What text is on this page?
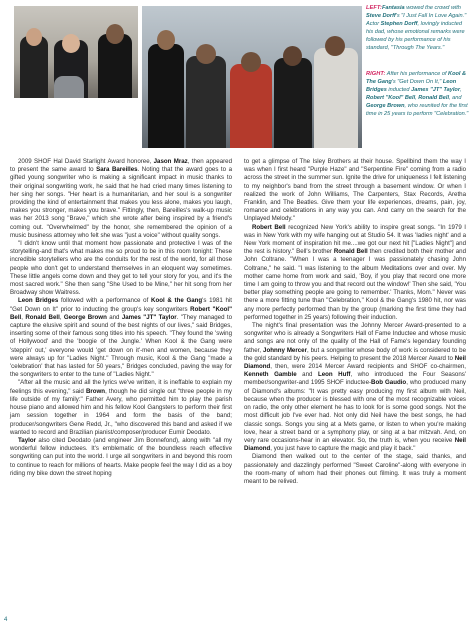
LEFT:Fantasia wowed the crowd with Steve Dorff's "I Just Fall In Love Again." Actor Stephen Dorff, lovingly inducted his dad, whose emotional remarks were followed by his performance of his standard, "Through The Years."
RIGHT: After his performance of Kool & The Gang's "Get Down On It," Leon Bridges inducted James "JT" Taylor, Robert "Kool" Bell, Ronald Bell, and George Brown, who reunited for the first time in 25 years to perform "Celebration."

2009 SHOF Hal David Starlight Award honoree, Jason Mraz, then appeared to present the same award to Sara Bareilles. Noting that the award goes to a gifted young songwriter who is making a significant impact in music thanks to their original songwriting work, he said that he had cried many times listening to her sing her songs. "Her heart is a humanitarian, and her soul is a songwriter providing the kind of entertainment that makes you less alone, makes you laugh, makes you stronger, makes you brave." Fittingly, then, Bareilles's walk-up music was her 2013 song "Brave," which she wrote after being inspired by a friend's coming out. "Overwhelmed" by the honor, she remembered the opinion of a music business attorney who felt she was "just a voice" without quality songs.

"I didn't know until that moment how passionate and protective I was of the storytelling-and that's what makes me so proud to be in this room tonight: These incredible storytellers who are the conduits for the rest of the world, for all those people who don't get to understand themselves in an eloquent way sometimes. These little angels come down and they get to tell your story for you, and it's the most sacred work." She then sang "She Used to be Mine," her hit song from her Broadway show Waitress.

Leon Bridges followed with a performance of Kool & the Gang's 1981 hit "Get Down on It" prior to inducting the group's key songwriters Robert "Kool" Bell, Ronald Bell, George Brown and James "JT" Taylor. "They managed to capture the elusive spirit and sound of the best nights of our lives," said Bridges, inserting some of their famous song titles into his speech. "They found the 'swing of Hollywood' and the 'boogie of the Jungle.' When Kool & the Gang were 'steppin' out,' everyone would 'get down on it'-men and women, because they were always up for "Ladies Night." Through music, Kool & the Gang "made a 'celebration' that has lasted for 50 years," Bridges concluded, paving the way for the songwriters to enter to the tune of "Ladies Night."

"After all the music and all the lyrics we've written, it is ineffable to explain my feelings this evening," said Brown, though he did single out "three people in my life outside of my family:" Father Avery, who permitted him to play the parish house piano and allowed him and his fellow Kool Gangsters to perform their first jam session together in 1964 and form the basis of the band; producer/songwriters Gene Redd, Jr., "who discovered this band and asked if we wanted to record and Brazilian pianist/composer/producer Eumir Deodato.

Taylor also cited Deodato (and engineer Jim Bonnefond), along with "all my wonderful fellow inductees. It's emblematic of the boundless reach effective songwriting can put into the world. I urge all songwriters in and beyond this room to continue to reach for millions of hearts. Make people feel the way I did as a boy riding my bike down the street hoping

to get a glimpse of The Isley Brothers at their house. Spellbind them the way I was when I first heard "Purple Haze" and "Serpentine Fire" coming from a radio across the street in the summer sun. Ignite the drive for uniqueness I felt listening to my neighbor's band from the street through a basement window. Or when I realized the work of John Williams, The Carpenters, Stax Records, Aretha Franklin, and The Beatles. Give them your life experiences, dreams, pain, joy, romance and celebrations in any way you can. And carry on the search for the Unplayed Melody."

Robert Bell recognized New York's ability to inspire great songs. "In 1979 I was in New York with my wife hanging out at Studio 54. It was 'ladies night' and a New York moment of inspiration hit me....we got our next hit ["Ladies Night"] and the rest is history." Bell's brother Ronald Bell then credited both their mother and John Coltrane. "When I was a teenager I was passionately chasing John Coltrane," he said. "I was listening to the album Meditations over and over. My mother came home from work and said, 'Boy, if you play that record one more time I am going to throw you and that record out the window!' Then she said, 'You better play something people are going to remember.' Thanks, Mom." Never was there a more fitting tune than "Celebration," Kool & the Gang's 1980 hit, nor was any more perfectly performed than by the group (marking the first time they had performed together in 25 years) following their induction.

The night's final presentation was the Johnny Mercer Award-presented to a songwriter who is already a Songwriters Hall of Fame Inductee and whose music and songs are not only of the quality of the Hall of Fame's legendary founding father, Johnny Mercer, but a songwriter whose body of work is considered to be the gold standard by his peers. Helping to present the 2018 Mercer Award to Neil Diamond, then, were 2014 Mercer Award recipients and SHOF co-chairmen, Kenneth Gamble and Leon Huff, who introduced the Four Seasons' member/songwriter-and 1995 SHOF inductee-Bob Gaudio, who produced many of Diamond's albums: "It was pretty easy producing my first album with Neil, because when the producer is blessed with one of the most recognizable voices on radio, the only other element he has to look for is some good songs. Not the most difficult job I've ever had. Not only did Neil have the best songs, he had classic songs. Songs you sing at a Mets game, or listen to when you're making love, hear a street band or a symphony play, or sing at a bar mitzvah. And, on very rare occasions-hear in an elevator. So, the truth is, when you receive Neil Diamond, you just have to capture the magic and play it back."

Diamond then walked out to the center of the stage, said thanks, and passionately and dazzlingly performed "Sweet Caroline"-along with everyone in the room-many of whom had their phones out filming. It was truly a moment meant to be relived.

4
